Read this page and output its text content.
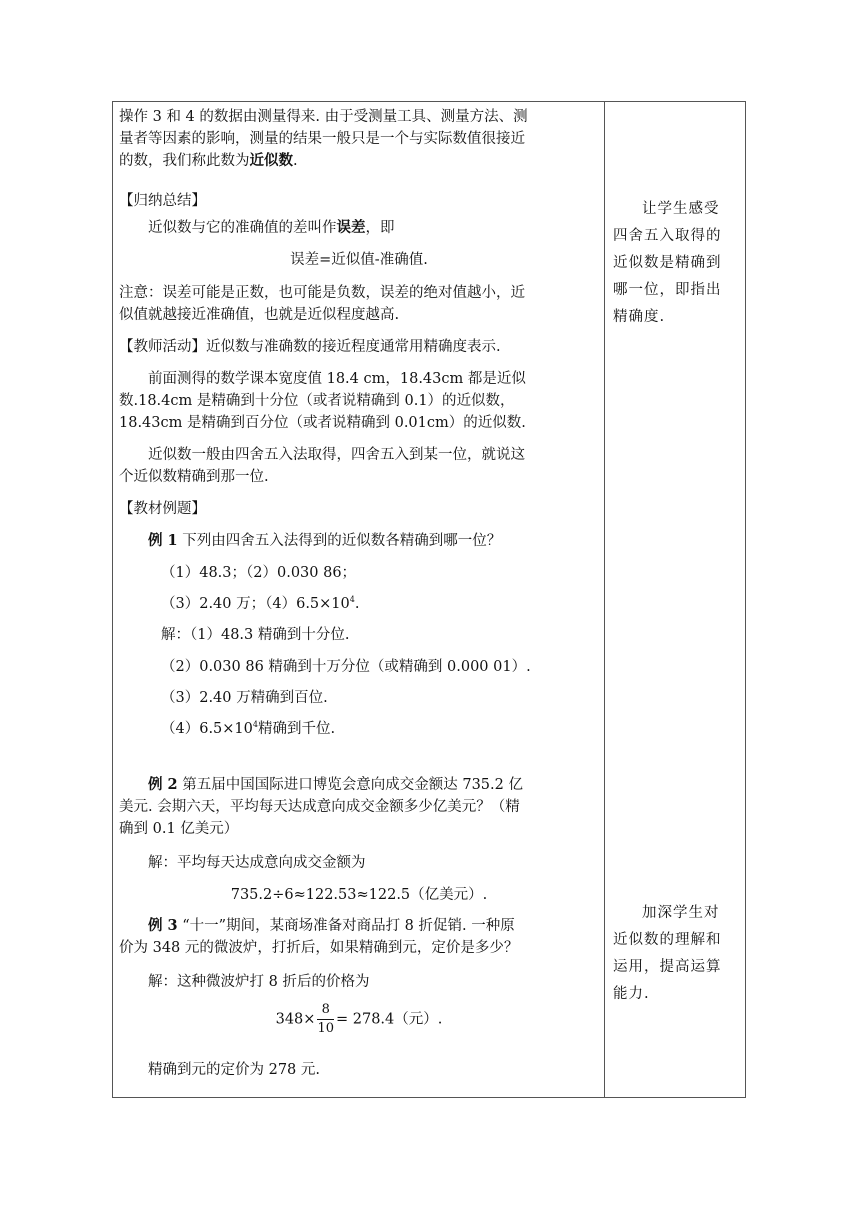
操作 3 和 4 的数据由测量得来. 由于受测量工具、测量方法、测

量者等因素的影响，测量的结果一般只是一个与实际数值很接近

的数，我们称此数为近似数.

【归纳总结】

近似数与它的准确值的差叫作误差，即

误差=近似值-准确值.

注意：误差可能是正数，也可能是负数，误差的绝对值越小，近

似值就越接近准确值，也就是近似程度越高.

【教师活动】近似数与准确数的接近程度通常用精确度表示.

前面测得的数学课本宽度值 18.4 cm，18.43cm 都是近似

数.18.4cm 是精确到十分位（或者说精确到 0.1）的近似数，

18.43cm 是精确到百分位（或者说精确到 0.01cm）的近似数.

近似数一般由四舍五入法取得，四舍五入到某一位，就说这

个近似数精确到那一位.

【教材例题】

例 1 下列由四舍五入法得到的近似数各精确到哪一位？

（1）48.3；（2）0.030 86；

（3）2.40 万；$(4)6.5\times 10^4$.

解：（1）48.3 精确到十分位.

（2）0.030 86 精确到十万分位（或精确到 0.000 01）.

（3）2.40 万精确到百位.

$(4)6.5\times 10^4$精确到千位.

例 2 第五届中国国际进口博览会意向成交金额达 735.2 亿

美元. 会期六天，平均每天达成意向成交金额多少亿美元？（精

确到 0.1 亿美元）

解：平均每天达成意向成交金额为

735.2÷6≈122.53≈122.5（亿美元）.

例 3 “十一”期间，某商场准备对商品打 8 折促销. 一种原

价为 348 元的微波炉，打折后，如果精确到元，定价是多少？

解：这种微波炉打 8 折后的价格为

$348\times \frac{8}{10} = 278.4$（元）.

精确到元的定价为 278 元.

让学生感受

四舍五入取得的

近似数是精确到

哪一位，即指出

精确度.

加深学生对

近似数的理解和

运用，提高运算

能力.
